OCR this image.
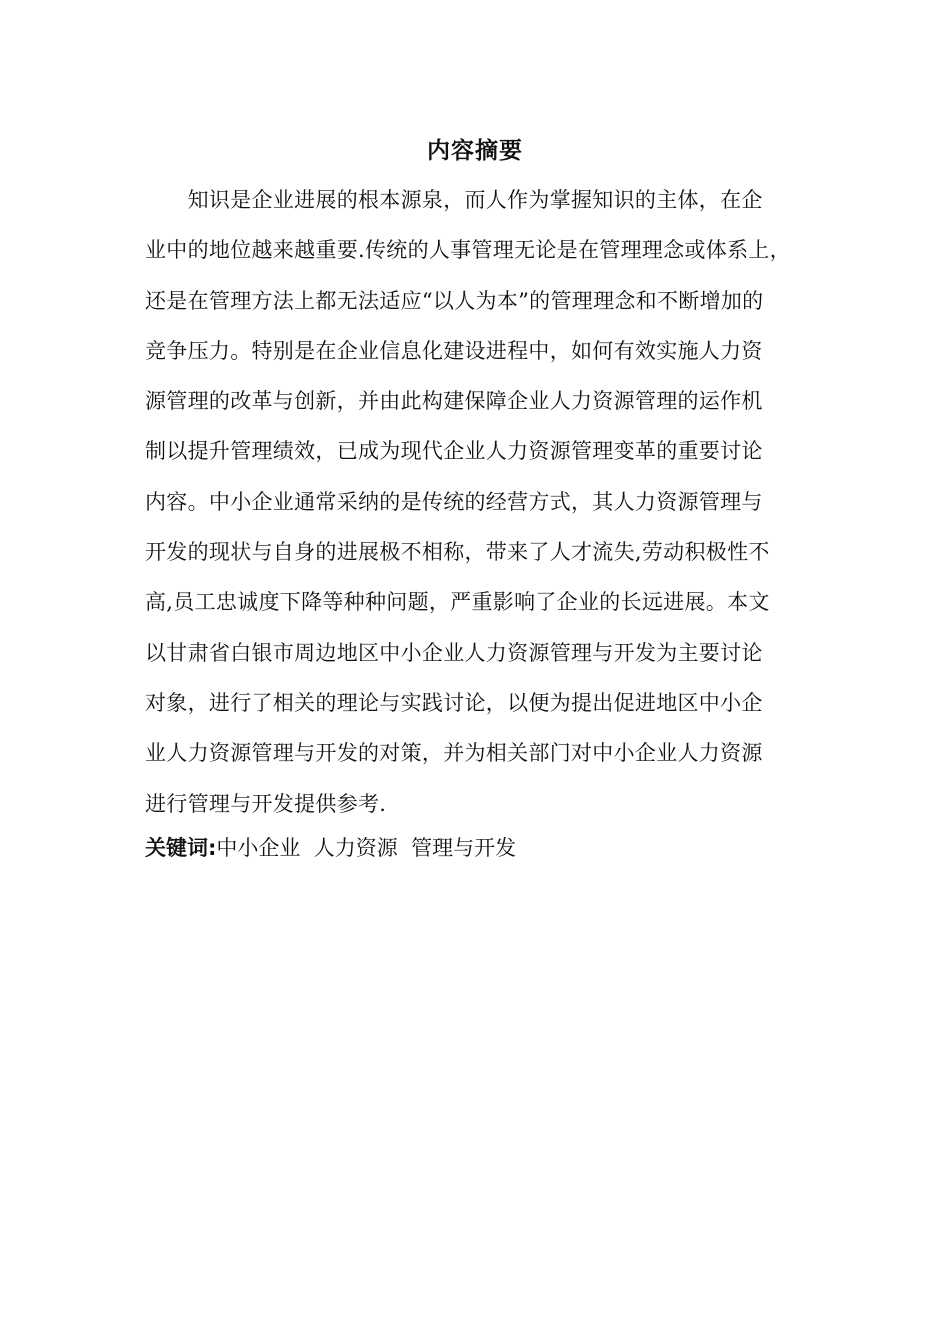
内容摘要
　　知识是企业进展的根本源泉，而人作为掌握知识的主体，在企
业中的地位越来越重要.传统的人事管理无论是在管理理念或体系上，
还是在管理方法上都无法适应“以人为本”的管理理念和不断增加的
竞争压力。特别是在企业信息化建设进程中，如何有效实施人力资
源管理的改革与创新，并由此构建保障企业人力资源管理的运作机
制以提升管理绩效，已成为现代企业人力资源管理变革的重要讨论
内容。中小企业通常采纳的是传统的经营方式，其人力资源管理与
开发的现状与自身的进展极不相称，带来了人才流失,劳动积极性不
高,员工忠诚度下降等种种问题，严重影响了企业的长远进展。本文
以甘肃省白银市周边地区中小企业人力资源管理与开发为主要讨论
对象，进行了相关的理论与实践讨论，以便为提出促进地区中小企
业人力资源管理与开发的对策，并为相关部门对中小企业人力资源
进行管理与开发提供参考.
关键词:中小企业  人力资源  管理与开发
